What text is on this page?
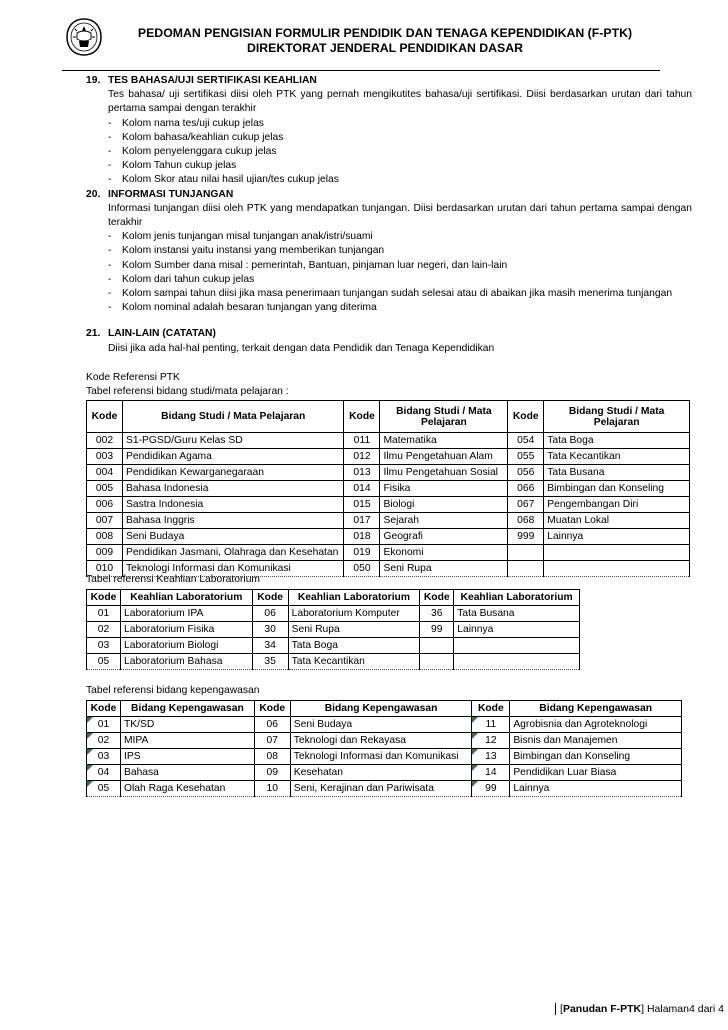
PEDOMAN PENGISIAN FORMULIR PENDIDIK DAN TENAGA KEPENDIDIKAN (F-PTK)
DIREKTORAT JENDERAL PENDIDIKAN DASAR
19. TES BAHASA/UJI SERTIFIKASI KEAHLIAN
Tes bahasa/ uji sertifikasi diisi oleh PTK yang pernah mengikutites bahasa/uji sertifikasi. Diisi berdasarkan urutan dari tahun pertama sampai dengan terakhir
- Kolom nama tes/uji cukup jelas
- Kolom bahasa/keahlian cukup jelas
- Kolom penyelenggara cukup jelas
- Kolom Tahun cukup jelas
- Kolom Skor atau nilai hasil ujian/tes cukup jelas
20. INFORMASI TUNJANGAN
Informasi tunjangan diisi oleh PTK yang mendapatkan tunjangan. Diisi berdasarkan urutan dari tahun pertama sampai dengan terakhir
- Kolom jenis tunjangan misal tunjangan anak/istri/suami
- Kolom instansi yaitu instansi yang memberikan tunjangan
- Kolom Sumber dana misal : pemerintah, Bantuan, pinjaman luar negeri, dan lain-lain
- Kolom dari tahun cukup jelas
- Kolom sampai tahun diisi jika masa penerimaan tunjangan sudah selesai atau di abaikan jika masih menerima tunjangan
- Kolom nominal adalah besaran tunjangan yang diterima
21. LAIN-LAIN (CATATAN)
Diisi jika ada hal-hal penting, terkait dengan data Pendidik dan Tenaga Kependidikan
Kode Referensi PTK
Tabel referensi bidang studi/mata pelajaran :
Kode	Bidang Studi / Mata Pelajaran	Kode	Bidang Studi / Mata Pelajaran	Kode	Bidang Studi / Mata Pelajaran
002	S1-PGSD/Guru Kelas SD	011	Matematika	054	Tata Boga
003	Pendidikan Agama	012	Ilmu Pengetahuan Alam	055	Tata Kecantikan
004	Pendidikan Kewarganegaraan	013	Ilmu Pengetahuan Sosial	056	Tata Busana
005	Bahasa Indonesia	014	Fisika	066	Bimbingan dan Konseling
006	Sastra Indonesia	015	Biologi	067	Pengembangan Diri
007	Bahasa Inggris	017	Sejarah	068	Muatan Lokal
008	Seni Budaya	018	Geografi	999	Lainnya
009	Pendidikan Jasmani, Olahraga dan Kesehatan	019	Ekonomi		
010	Teknologi Informasi dan Komunikasi	050	Seni Rupa		
Tabel referensi Keahlian Laboratorium
Kode	Keahlian Laboratorium	Kode	Keahlian Laboratorium	Kode	Keahlian Laboratorium
01	Laboratorium IPA	06	Laboratorium Komputer	36	Tata Busana
02	Laboratorium Fisika	30	Seni Rupa	99	Lainnya
03	Laboratorium Biologi	34	Tata Boga		
05	Laboratorium Bahasa	35	Tata Kecantikan		
Tabel referensi bidang kepengawasan
Kode	Bidang Kepengawasan	Kode	Bidang Kepengawasan	Kode	Bidang Kepengawasan
01	TK/SD	06	Seni Budaya	11	Agrobisnia dan Agroteknologi
02	MIPA	07	Teknologi dan Rekayasa	12	Bisnis dan Manajemen
03	IPS	08	Teknologi Informasi dan Komunikasi	13	Bimbingan dan Konseling
04	Bahasa	09	Kesehatan	14	Pendidikan Luar Biasa
05	Olah Raga Kesehatan	10	Seni, Kerajinan dan Pariwisata	99	Lainnya
[Panudan F-PTK] Halaman4 dari 4
